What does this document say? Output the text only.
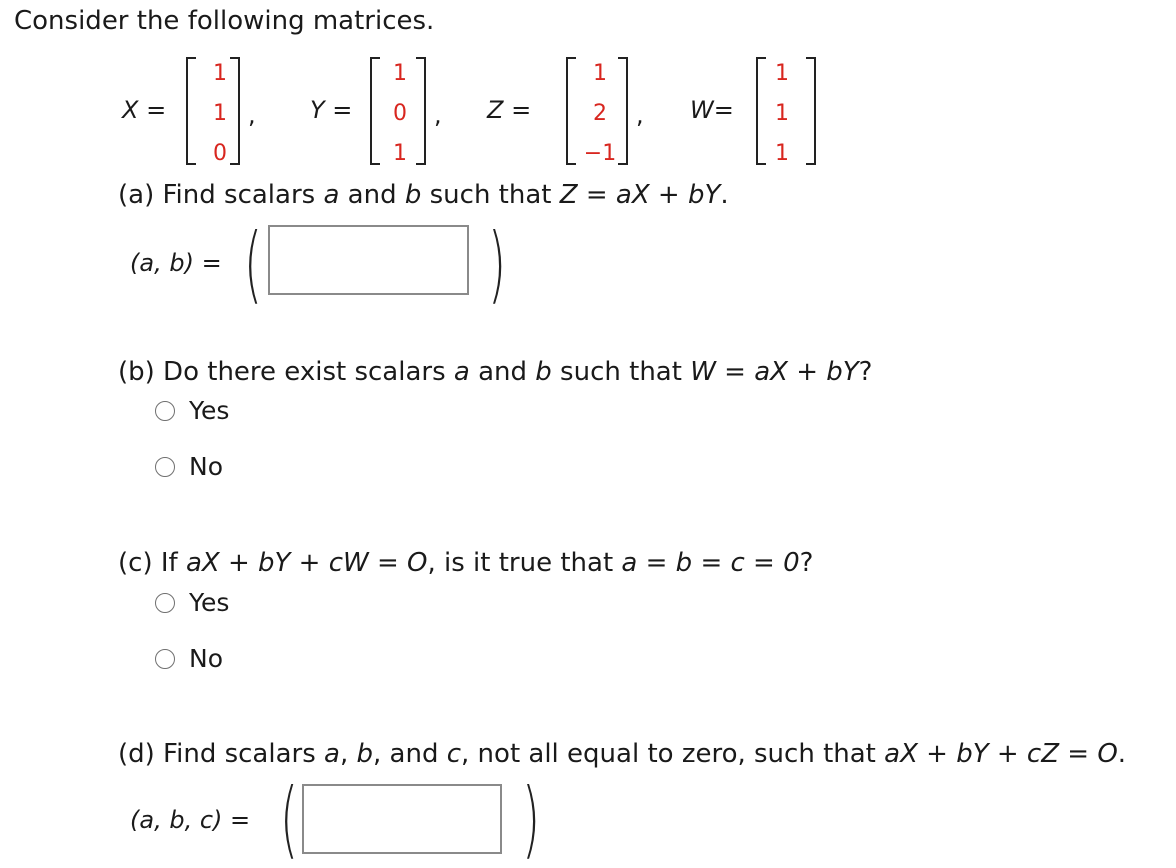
Consider the following matrices.
X =
1
1
0
, Y =
1
0
1
, Z =
1
2
−1
, W=
1
1
1
(a) Find scalars a and b such that Z = aX + bY.
(a, b) = (	)
(b) Do there exist scalars a and b such that W = aX + bY?
Yes
No
(c) If aX + bY + cW = O, is it true that a = b = c = 0?
Yes
No
(d) Find scalars a, b, and c, not all equal to zero, such that aX + bY + cZ = O.
(a, b, c) = (	)
